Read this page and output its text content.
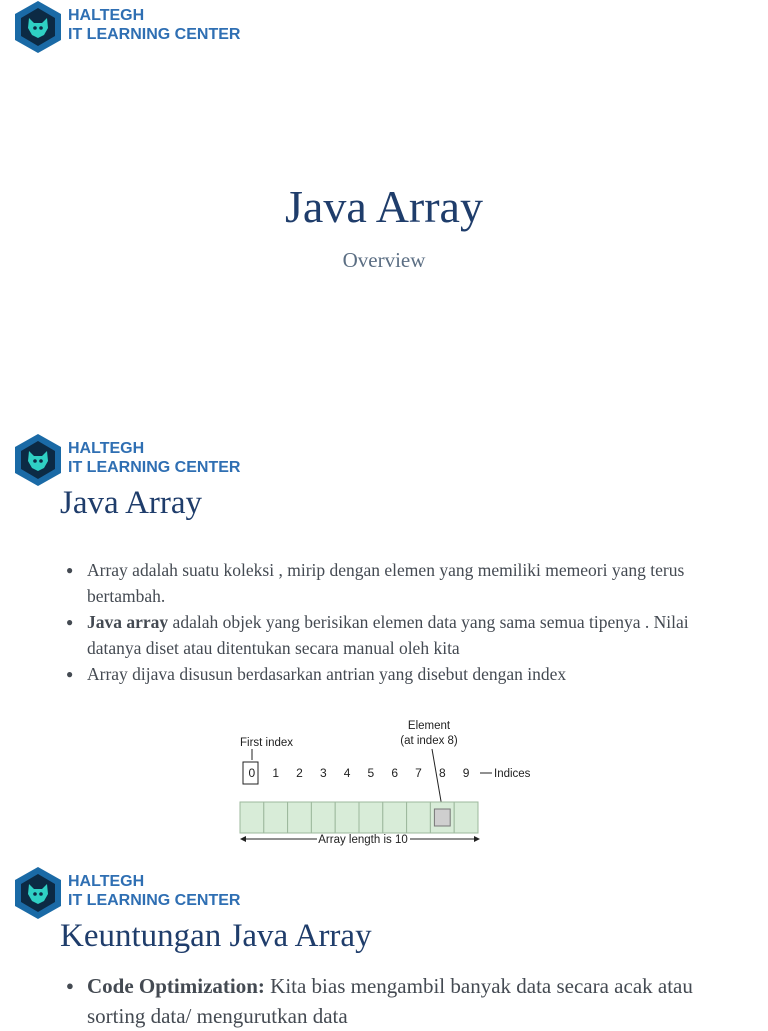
HALTEGH
IT LEARNING CENTER
Java Array
Overview
HALTEGH
IT LEARNING CENTER
Java Array
● Array adalah suatu koleksi , mirip dengan elemen yang memiliki memeori yang terus bertambah.
● Java array adalah objek yang berisikan elemen data yang sama semua tipenya . Nilai datanya diset atau ditentukan secara manual oleh kita
● Array dijava disusun berdasarkan antrian yang disebut dengan index
First index
Element
(at index 8)
0 1 2 3 4 5 6 7 8 9 Indices
Array length is 10
HALTEGH
IT LEARNING CENTER
Keuntungan Java Array
● Code Optimization: Kita bias mengambil banyak data secara acak atau sorting data/ mengurutkan data
